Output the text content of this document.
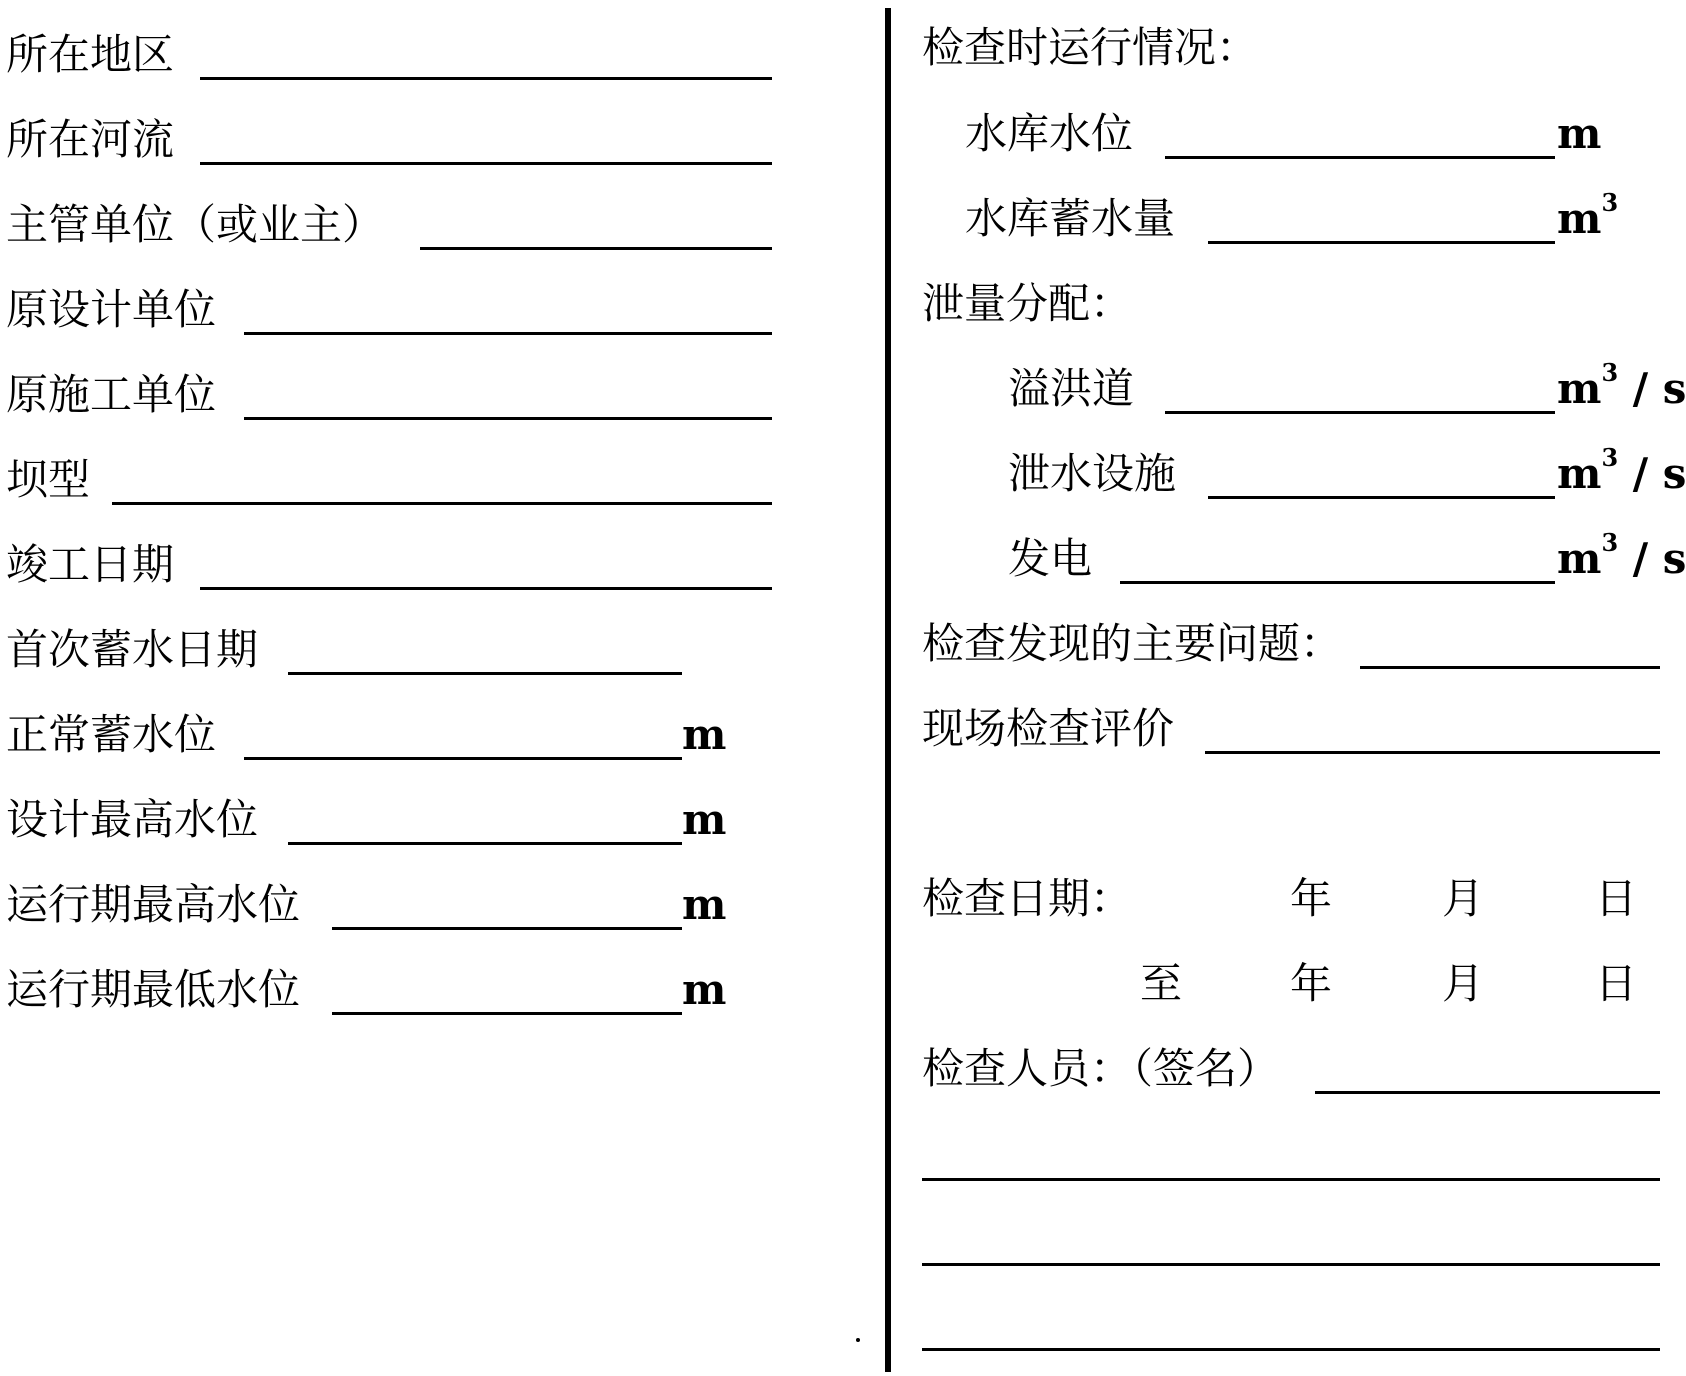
所在地区
所在河流
主管单位（或业主）
原设计单位
原施工单位
坝型
竣工日期
首次蓄水日期
正常蓄水位	m
设计最高水位	m
运行期最高水位	m
运行期最低水位	m
检查时运行情况：
水库水位	m
水库蓄水量	$m^3$
泄量分配：
溢洪道	$m^3$ / s
泄水设施	$m^3$ / s
发电	$m^3$ / s
检查发现的主要问题：
现场检查评价
检查日期：	年	月	日
至	年	月	日
检查人员：（签名）
